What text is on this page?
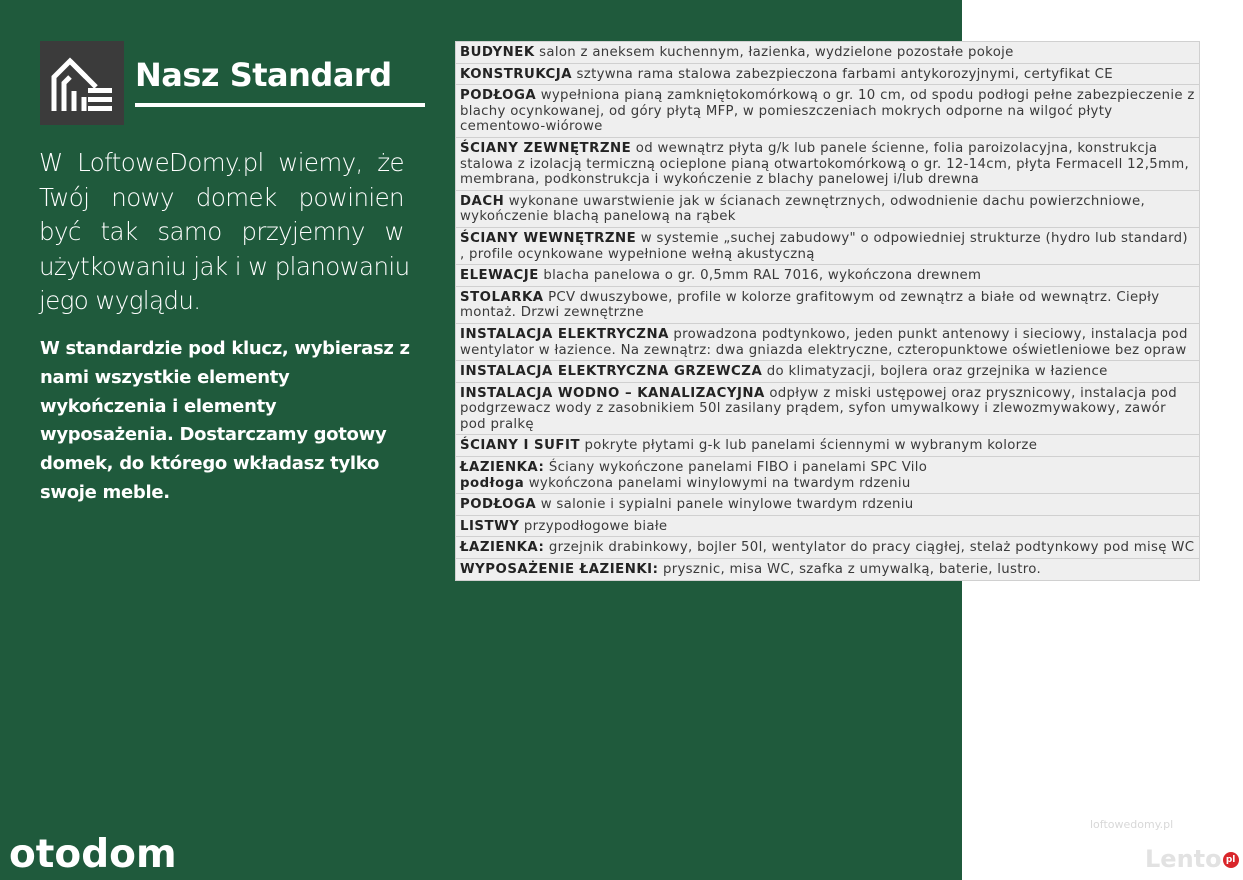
Nasz Standard
W LoftoweDomy.pl wiemy, że
Twój nowy domek powinien
być tak samo przyjemny w
użytkowaniu jak i w planowaniu
jego wyglądu.
W standardzie pod klucz, wybierasz z nami wszystkie elementy wykończenia i elementy wyposażenia. Dostarczamy gotowy domek, do którego wkładasz tylko swoje meble.
BUDYNEK salon z aneksem kuchennym, łazienka, wydzielone pozostałe pokoje
KONSTRUKCJA sztywna rama stalowa zabezpieczona farbami antykorozyjnymi, certyfikat CE
PODŁOGA wypełniona pianą zamkniętokomórkową o gr. 10 cm, od spodu podłogi pełne zabezpieczenie z blachy ocynkowanej, od góry płytą MFP, w pomieszczeniach mokrych odporne na wilgoć płyty cementowo-wiórowe
ŚCIANY ZEWNĘTRZNE od wewnątrz płyta g/k lub panele ścienne, folia paroizolacyjna, konstrukcja stalowa z izolacją termiczną ocieplone pianą otwartokomórkową o gr. 12-14cm, płyta Fermacell 12,5mm, membrana, podkonstrukcja i wykończenie z blachy panelowej i/lub drewna
DACH wykonane uwarstwienie jak w ścianach zewnętrznych, odwodnienie dachu powierzchniowe, wykończenie blachą panelową na rąbek
ŚCIANY WEWNĘTRZNE w systemie „suchej zabudowy" o odpowiedniej strukturze (hydro lub standard) , profile ocynkowane wypełnione wełną akustyczną
ELEWACJE blacha panelowa o gr. 0,5mm RAL 7016, wykończona drewnem
STOLARKA PCV dwuszybowe, profile w kolorze grafitowym od zewnątrz a białe od wewnątrz. Ciepły montaż. Drzwi zewnętrzne
INSTALACJA ELEKTRYCZNA prowadzona podtynkowo, jeden punkt antenowy i sieciowy, instalacja pod wentylator w łazience. Na zewnątrz: dwa gniazda elektryczne, czteropunktowe oświetleniowe bez opraw
INSTALACJA ELEKTRYCZNA GRZEWCZA do klimatyzacji, bojlera oraz grzejnika w łazience
INSTALACJA WODNO – KANALIZACYJNA odpływ z miski ustępowej oraz prysznicowy, instalacja pod podgrzewacz wody z zasobnikiem 50l zasilany prądem, syfon umywalkowy i zlewozmywakowy, zawór pod pralkę
ŚCIANY I SUFIT pokryte płytami g-k lub panelami ściennymi w wybranym kolorze
ŁAZIENKA: Ściany wykończone panelami FIBO i panelami SPC Vilo
podłoga wykończona panelami winylowymi na twardym rdzeniu
PODŁOGA w salonie i sypialni panele winylowe twardym rdzeniu
LISTWY przypodłogowe białe
ŁAZIENKA: grzejnik drabinkowy, bojler 50l, wentylator do pracy ciągłej, stelaż podtynkowy pod misę WC
WYPOSAŻENIE ŁAZIENKI: prysznic, misa WC, szafka z umywalką, baterie, lustro.
otodom
loftowedomy.pl
Lento pl
